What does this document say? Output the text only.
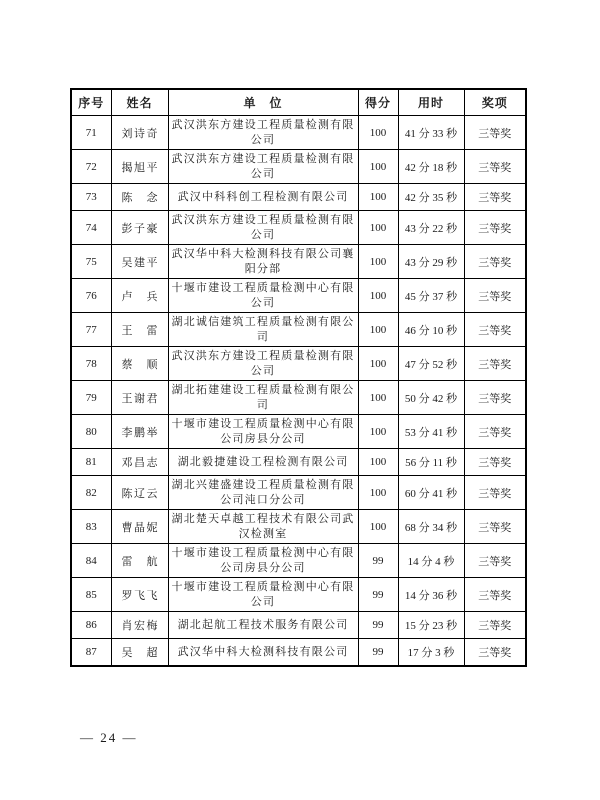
序号	姓名	单　位	得分	用时	奖项
71	刘诗奇	武汉洪东方建设工程质量检测有限公司	100	41 分 33 秒	三等奖
72	揭旭平	武汉洪东方建设工程质量检测有限公司	100	42 分 18 秒	三等奖
73	陈念	武汉中科科创工程检测有限公司	100	42 分 35 秒	三等奖
74	彭子豪	武汉洪东方建设工程质量检测有限公司	100	43 分 22 秒	三等奖
75	吴建平	武汉华中科大检测科技有限公司襄阳分部	100	43 分 29 秒	三等奖
76	卢兵	十堰市建设工程质量检测中心有限公司	100	45 分 37 秒	三等奖
77	王雷	湖北诚信建筑工程质量检测有限公司	100	46 分 10 秒	三等奖
78	蔡顺	武汉洪东方建设工程质量检测有限公司	100	47 分 52 秒	三等奖
79	王谢君	湖北拓建建设工程质量检测有限公司	100	50 分 42 秒	三等奖
80	李鹏举	十堰市建设工程质量检测中心有限公司房县分公司	100	53 分 41 秒	三等奖
81	邓昌志	湖北毅捷建设工程检测有限公司	100	56 分 11 秒	三等奖
82	陈辽云	湖北兴建盛建设工程质量检测有限公司沌口分公司	100	60 分 41 秒	三等奖
83	曹晶妮	湖北楚天卓越工程技术有限公司武汉检测室	100	68 分 34 秒	三等奖
84	雷航	十堰市建设工程质量检测中心有限公司房县分公司	99	14 分 4 秒	三等奖
85	罗飞飞	十堰市建设工程质量检测中心有限公司	99	14 分 36 秒	三等奖
86	肖宏梅	湖北起航工程技术服务有限公司	99	15 分 23 秒	三等奖
87	吴超	武汉华中科大检测科技有限公司	99	17 分 3 秒	三等奖
— 24 —
